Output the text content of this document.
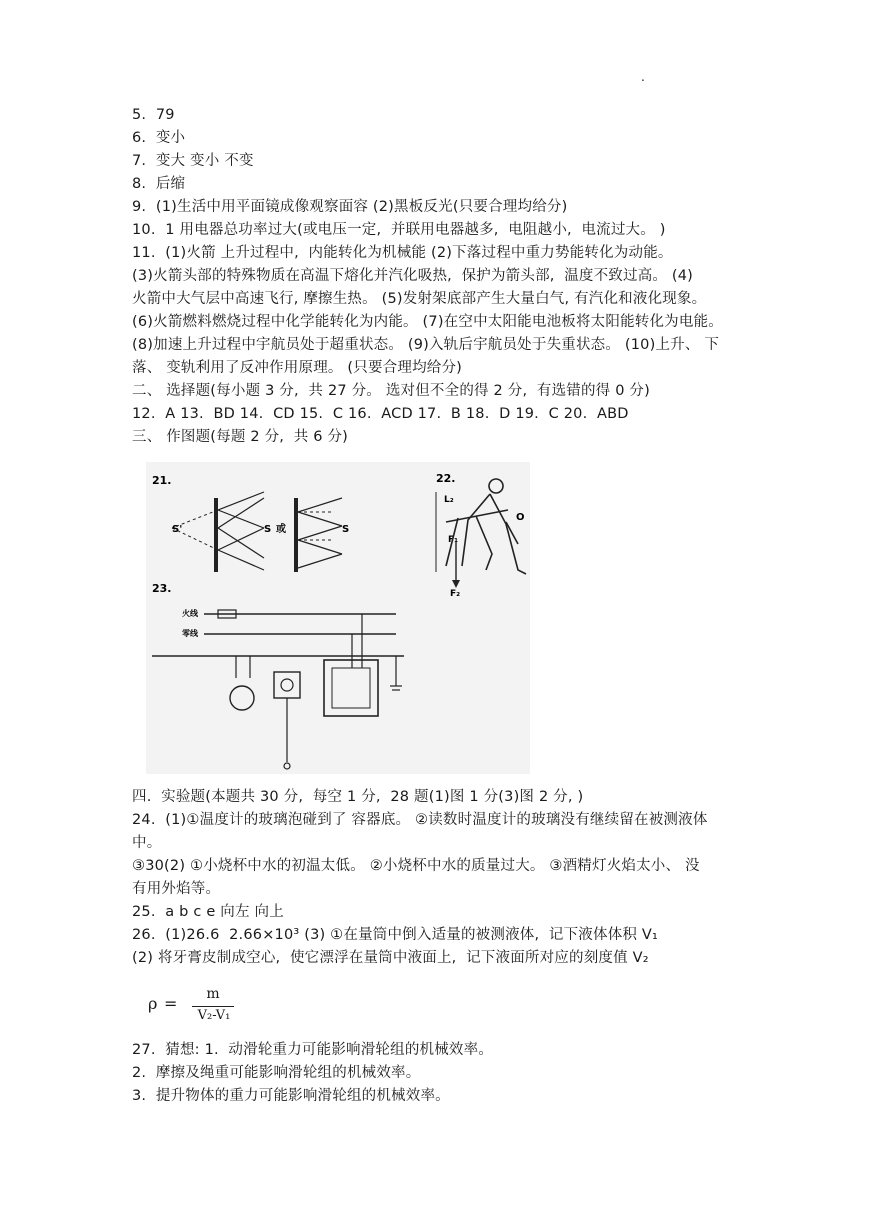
.
5.  79
6.  变小
7.  变大 变小 不变
8.  后缩
9.  (1)生活中用平面镜成像观察面容 (2)黑板反光(只要合理均给分)
10.  1 用电器总功率过大(或电压一定,  并联用电器越多,  电阻越小,  电流过大。 )
11.  (1)火箭 上升过程中,  内能转化为机械能 (2)下落过程中重力势能转化为动能。
(3)火箭头部的特殊物质在高温下熔化并汽化吸热,  保护为箭头部,  温度不致过高。 (4)
火箭中大气层中高速飞行, 摩擦生热。 (5)发射架底部产生大量白气, 有汽化和液化现象。
(6)火箭燃料燃烧过程中化学能转化为内能。 (7)在空中太阳能电池板将太阳能转化为电能。
(8)加速上升过程中宇航员处于超重状态。 (9)入轨后宇航员处于失重状态。 (10)上升、 下
落、 变轨利用了反冲作用原理。 (只要合理均给分)
二、 选择题(每小题 3 分,  共 27 分。 选对但不全的得 2 分,  有选错的得 0 分)
12.  A 13.  BD 14.  CD 15.  C 16.  ACD 17.  B 18.  D 19.  C 20.  ABD
三、 作图题(每题 2 分,  共 6 分)
21.
S'	S 或	S
22.
L₂
O
F₁
F₂
23.
火线
零线
四.  实验题(本题共 30 分,  每空 1 分,  28 题(1)图 1 分(3)图 2 分, )
24.  (1)①温度计的玻璃泡碰到了 容器底。 ②读数时温度计的玻璃没有继续留在被测液体
中。
③30(2) ①小烧杯中水的初温太低。 ②小烧杯中水的质量过大。 ③酒精灯火焰太小、 没
有用外焰等。
25.  a b c e 向左 向上
26.  (1)26.6  2.66×10³ (3) ①在量筒中倒入适量的被测液体,  记下液体体积 V₁
(2) 将牙膏皮制成空心,  使它漂浮在量筒中液面上,  记下液面所对应的刻度值 V₂
ρ =	m
V₂-V₁
27.  猜想: 1.  动滑轮重力可能影响滑轮组的机械效率。
2.  摩擦及绳重可能影响滑轮组的机械效率。
3.  提升物体的重力可能影响滑轮组的机械效率。
